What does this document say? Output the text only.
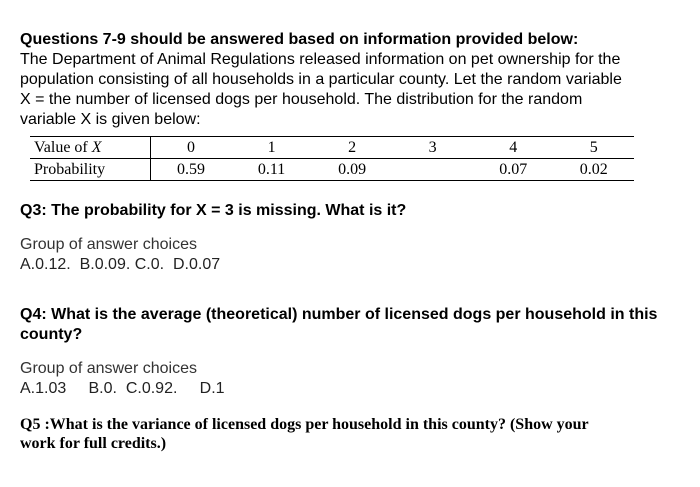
Questions 7-9 should be answered based on information provided below:

The Department of Animal Regulations released information on pet ownership for the

population consisting of all households in a particular county. Let the random variable

X = the number of licensed dogs per household. The distribution for the random

variable X is given below:

Value of X	0	1	2	3	4	5
Probability	0.59	0.11	0.09		0.07	0.02

Q3: The probability for X = 3 is missing. What is it?

Group of answer choices

A.0.12.  B.0.09. C.0.  D.0.07

Q4: What is the average (theoretical) number of licensed dogs per household in this

county?

Group of answer choices

A.1.03     B.0.  C.0.92.     D.1

Q5 :What is the variance of licensed dogs per household in this county? (Show your
work for full credits.)
